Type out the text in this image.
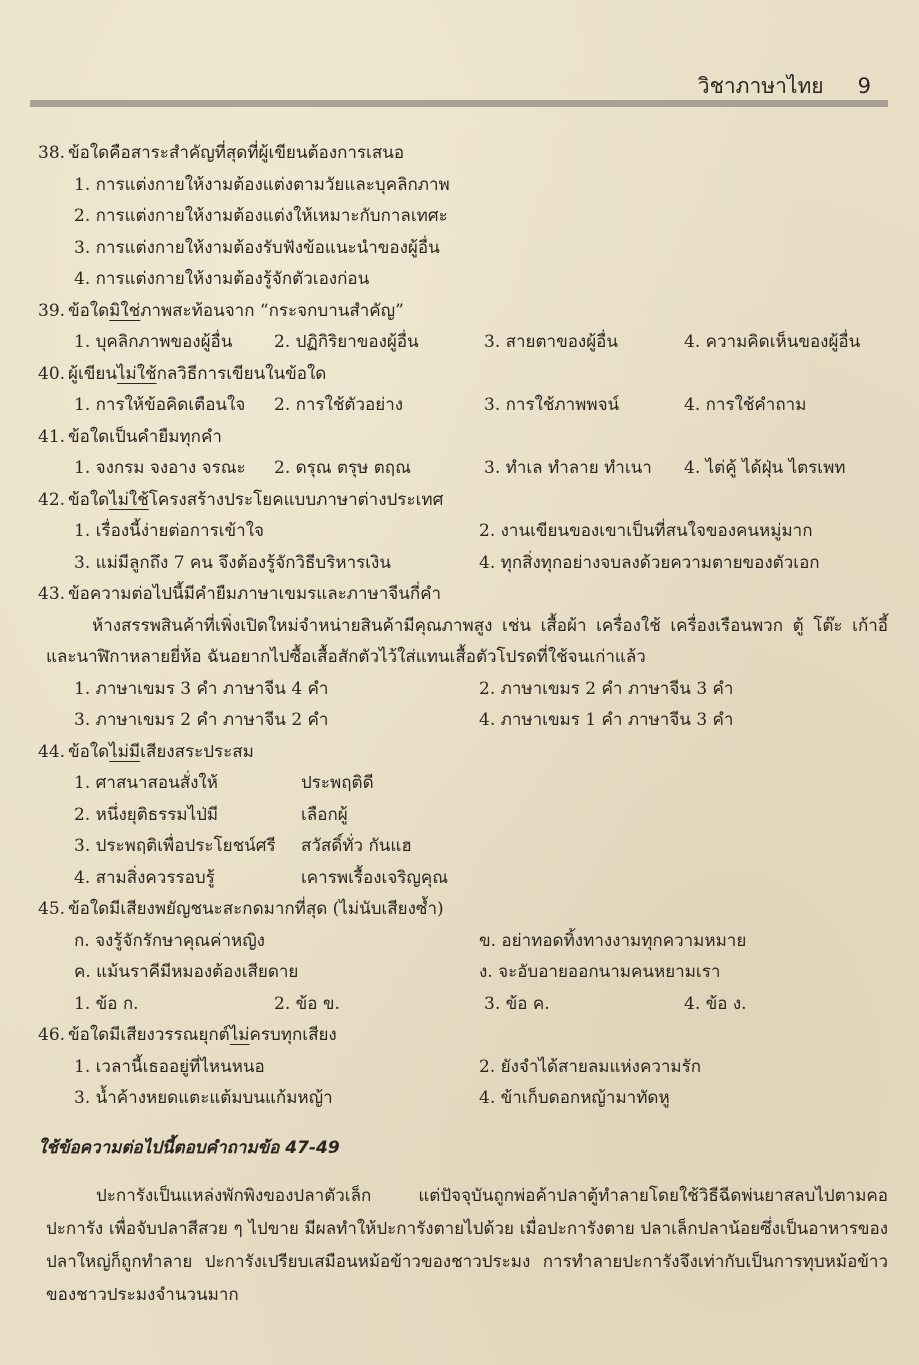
วิชาภาษาไทย 9
38. ข้อใดคือสาระสำคัญที่สุดที่ผู้เขียนต้องการเสนอ
1. การแต่งกายให้งามต้องแต่งตามวัยและบุคลิกภาพ
2. การแต่งกายให้งามต้องแต่งให้เหมาะกับกาลเทศะ
3. การแต่งกายให้งามต้องรับฟังข้อแนะนำของผู้อื่น
4. การแต่งกายให้งามต้องรู้จักตัวเองก่อน
39. ข้อใดมิใช่ภาพสะท้อนจาก “กระจกบานสำคัญ”
1. บุคลิกภาพของผู้อื่น	2. ปฏิกิริยาของผู้อื่น	3. สายตาของผู้อื่น	4. ความคิดเห็นของผู้อื่น
40. ผู้เขียนไม่ใช้กลวิธีการเขียนในข้อใด
1. การให้ข้อคิดเตือนใจ	2. การใช้ตัวอย่าง	3. การใช้ภาพพจน์	4. การใช้คำถาม
41. ข้อใดเป็นคำยืมทุกคำ
1. จงกรม จงอาง จรณะ	2. ดรุณ ตรุษ ตฤณ	3. ทำเล ทำลาย ทำเนา	4. ไต่คู้ ได้ฝุ่น ไตรเพท
42. ข้อใดไม่ใช้โครงสร้างประโยคแบบภาษาต่างประเทศ
1. เรื่องนี้ง่ายต่อการเข้าใจ	2. งานเขียนของเขาเป็นที่สนใจของคนหมู่มาก
3. แม่มีลูกถึง 7 คน จึงต้องรู้จักวิธีบริหารเงิน	4. ทุกสิ่งทุกอย่างจบลงด้วยความตายของตัวเอก
43. ข้อความต่อไปนี้มีคำยืมภาษาเขมรและภาษาจีนกี่คำ
ห้างสรรพสินค้าที่เพิ่งเปิดใหม่จำหน่ายสินค้ามีคุณภาพสูง เช่น เสื้อผ้า เครื่องใช้ เครื่องเรือนพวก ตู้ โต๊ะ เก้าอี้ และนาฬิกาหลายยี่ห้อ ฉันอยากไปซื้อเสื้อสักตัวไว้ใส่แทนเสื้อตัวโปรดที่ใช้จนเก่าแล้ว
1. ภาษาเขมร 3 คำ ภาษาจีน 4 คำ	2. ภาษาเขมร 2 คำ ภาษาจีน 3 คำ
3. ภาษาเขมร 2 คำ ภาษาจีน 2 คำ	4. ภาษาเขมร 1 คำ ภาษาจีน 3 คำ
44. ข้อใดไม่มีเสียงสระประสม
1. ศาสนาสอนสั่งให้	ประพฤติดี
2. หนึ่งยุติธรรมไป่มี	เลือกผู้
3. ประพฤติเพื่อประโยชน์ศรี	สวัสดิ์ทั่ว กันแฮ
4. สามสิ่งควรรอบรู้	เคารพเรื้องเจริญคุณ
45. ข้อใดมีเสียงพยัญชนะสะกดมากที่สุด (ไม่นับเสียงซ้ำ)
ก. จงรู้จักรักษาคุณค่าหญิง	ข. อย่าทอดทิ้งทางงามทุกความหมาย
ค. แม้นราคีมีหมองต้องเสียดาย	ง. จะอับอายออกนามคนหยามเรา
1. ข้อ ก.	2. ข้อ ข.	3. ข้อ ค.	4. ข้อ ง.
46. ข้อใดมีเสียงวรรณยุกต์ไม่ครบทุกเสียง
1. เวลานี้เธออยู่ที่ไหนหนอ	2. ยังจำได้สายลมแห่งความรัก
3. น้ำค้างหยดแตะแต้มบนแก้มหญ้า	4. ข้าเก็บดอกหญ้ามาทัดหู
ใช้ข้อความต่อไปนี้ตอบคำถามข้อ 47-49
ปะการังเป็นแหล่งพักพิงของปลาตัวเล็ก แต่ปัจจุบันถูกพ่อค้าปลาตู้ทำลายโดยใช้วิธีฉีดพ่นยาสลบไปตามคอปะการัง เพื่อจับปลาสีสวย ๆ ไปขาย มีผลทำให้ปะการังตายไปด้วย เมื่อปะการังตาย ปลาเล็กปลาน้อยซึ่งเป็นอาหารของปลาใหญ่ก็ถูกทำลาย ปะการังเปรียบเสมือนหม้อข้าวของชาวประมง การทำลายปะการังจึงเท่ากับเป็นการทุบหม้อข้าวของชาวประมงจำนวนมาก
